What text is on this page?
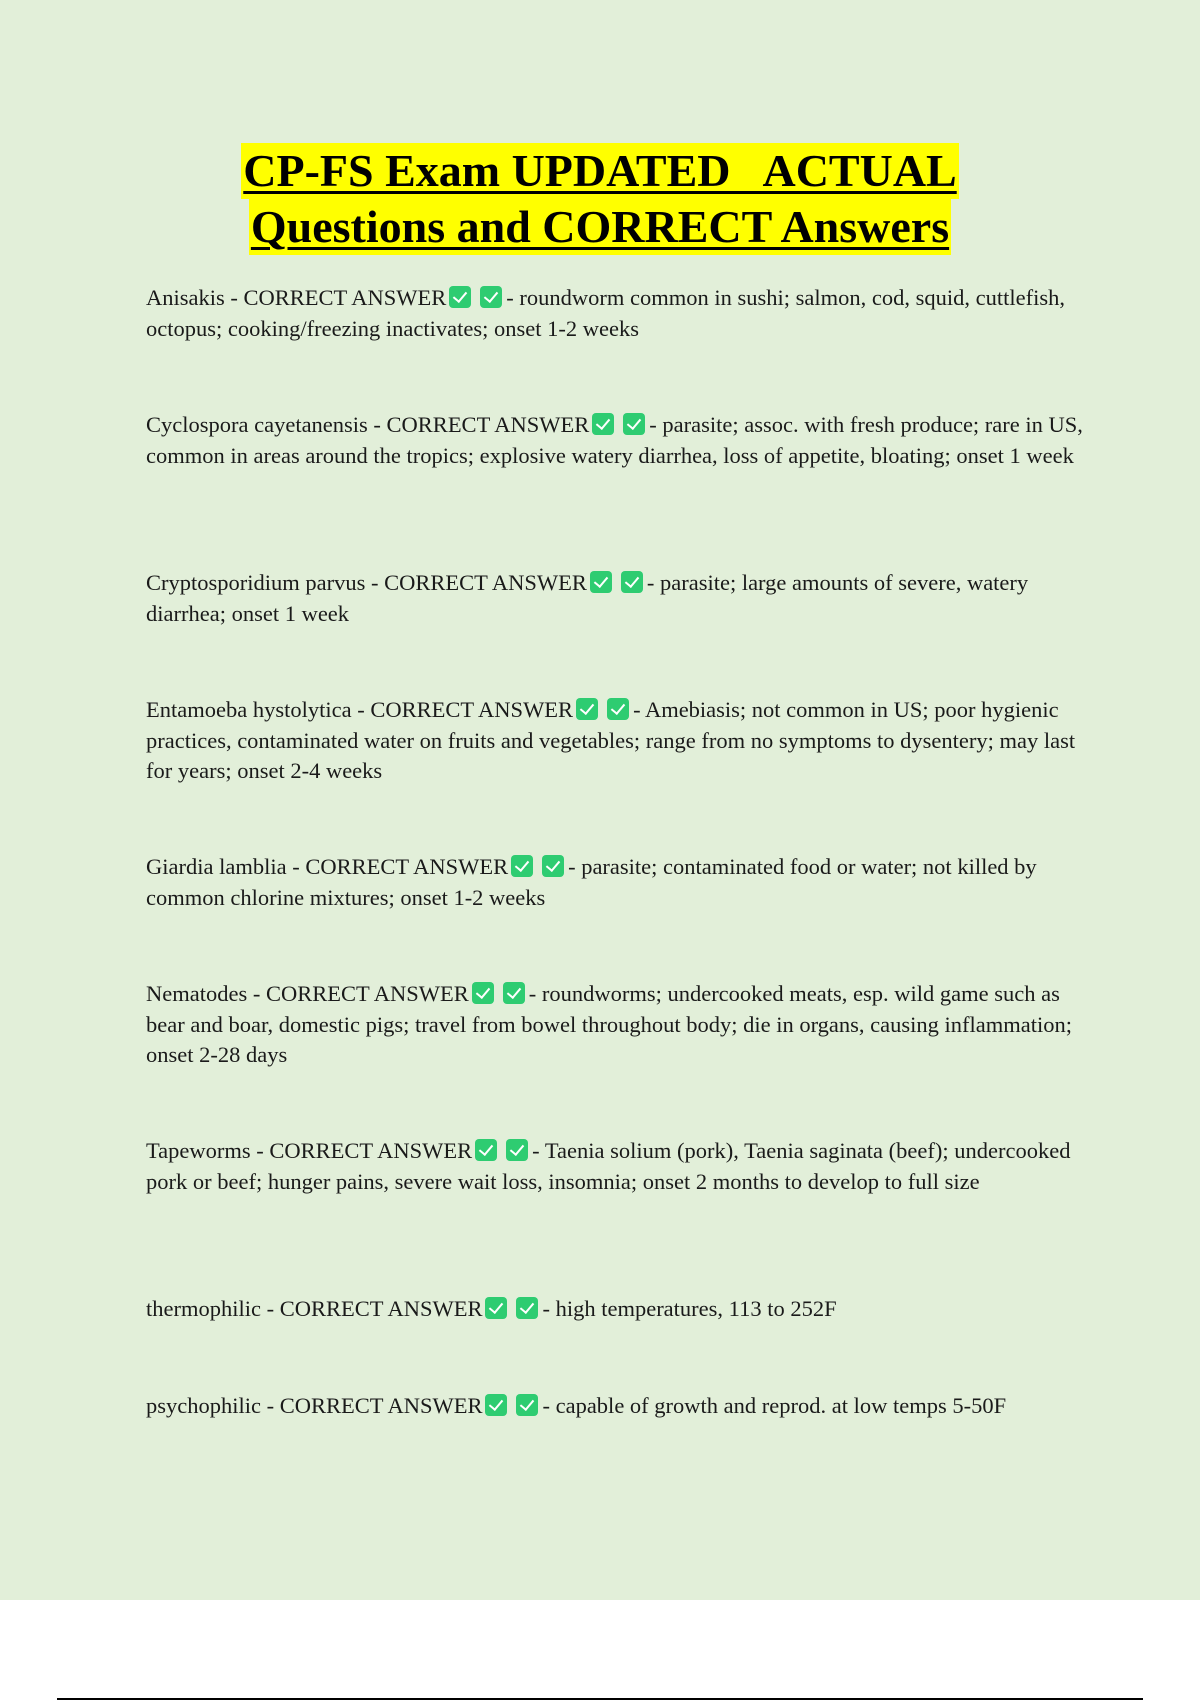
CP-FS Exam UPDATED   ACTUAL
Questions and CORRECT Answers
Anisakis - CORRECT ANSWER	- roundworm common in sushi; salmon, cod, squid, cuttlefish, octopus; cooking/freezing inactivates; onset 1-2 weeks
Cyclospora cayetanensis - CORRECT ANSWER	- parasite; assoc. with fresh produce; rare in US, common in areas around the tropics; explosive watery diarrhea, loss of appetite, bloating; onset 1 week
Cryptosporidium parvus - CORRECT ANSWER	- parasite; large amounts of severe, watery diarrhea; onset 1 week
Entamoeba hystolytica - CORRECT ANSWER	- Amebiasis; not common in US; poor hygienic practices, contaminated water on fruits and vegetables; range from no symptoms to dysentery; may last for years; onset 2-4 weeks
Giardia lamblia - CORRECT ANSWER	- parasite; contaminated food or water; not killed by common chlorine mixtures; onset 1-2 weeks
Nematodes - CORRECT ANSWER	- roundworms; undercooked meats, esp. wild game such as bear and boar, domestic pigs; travel from bowel throughout body; die in organs, causing inflammation; onset 2-28 days
Tapeworms - CORRECT ANSWER	- Taenia solium (pork), Taenia saginata (beef); undercooked pork or beef; hunger pains, severe wait loss, insomnia; onset 2 months to develop to full size
thermophilic - CORRECT ANSWER	- high temperatures, 113 to 252F
psychophilic - CORRECT ANSWER	- capable of growth and reprod. at low temps 5-50F
